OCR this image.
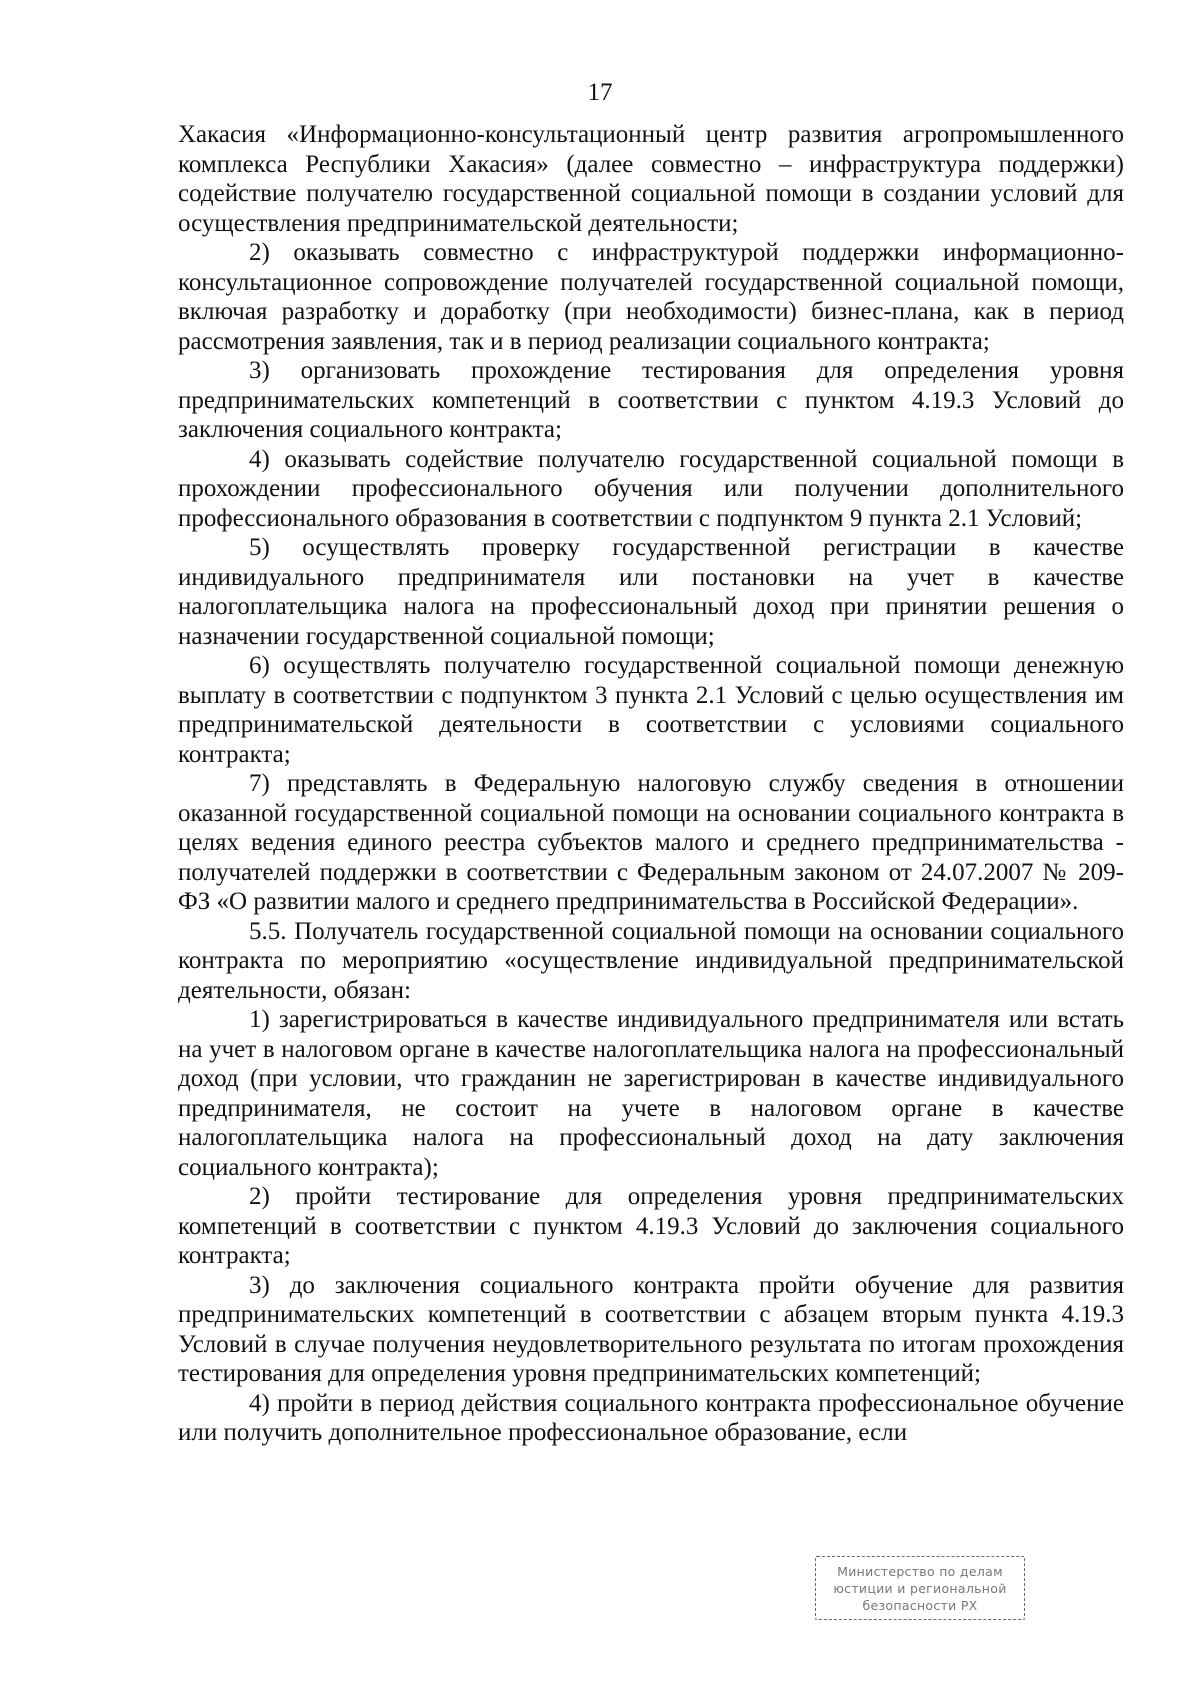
17

Хакасия «Информационно-консультационный центр развития агропромышленного комплекса Республики Хакасия» (далее совместно – инфраструктура поддержки) содействие получателю государственной социальной помощи в создании условий для осуществления предпринимательской деятельности;

2) оказывать совместно с инфраструктурой поддержки информационно-консультационное сопровождение получателей государственной социальной помощи, включая разработку и доработку (при необходимости) бизнес-плана, как в период рассмотрения заявления, так и в период реализации социального контракта;

3) организовать прохождение тестирования для определения уровня предпринимательских компетенций в соответствии с пунктом 4.19.3 Условий до заключения социального контракта;

4) оказывать содействие получателю государственной социальной помощи в прохождении профессионального обучения или получении дополнительного профессионального образования в соответствии с подпунктом 9 пункта 2.1 Условий;

5) осуществлять проверку государственной регистрации в качестве индивидуального предпринимателя или постановки на учет в качестве налогоплательщика налога на профессиональный доход при принятии решения о назначении государственной социальной помощи;

6) осуществлять получателю государственной социальной помощи денежную выплату в соответствии с подпунктом 3 пункта 2.1 Условий с целью осуществления им предпринимательской деятельности в соответствии с условиями социального контракта;

7) представлять в Федеральную налоговую службу сведения в отношении оказанной государственной социальной помощи на основании социального контракта в целях ведения единого реестра субъектов малого и среднего предпринимательства - получателей поддержки в соответствии с Федеральным законом от 24.07.2007 № 209-ФЗ «О развитии малого и среднего предпринимательства в Российской Федерации».

5.5. Получатель государственной социальной помощи на основании социального контракта по мероприятию «осуществление индивидуальной предпринимательской деятельности, обязан:

1) зарегистрироваться в качестве индивидуального предпринимателя или встать на учет в налоговом органе в качестве налогоплательщика налога на профессиональный доход (при условии, что гражданин не зарегистрирован в качестве индивидуального предпринимателя, не состоит на учете в налоговом органе в качестве налогоплательщика налога на профессиональный доход на дату заключения социального контракта);

2) пройти тестирование для определения уровня предпринимательских компетенций в соответствии с пунктом 4.19.3 Условий до заключения социального контракта;

3) до заключения социального контракта пройти обучение для развития предпринимательских компетенций в соответствии с абзацем вторым пункта 4.19.3 Условий в случае получения неудовлетворительного результата по итогам прохождения тестирования для определения уровня предпринимательских компетенций;

4) пройти в период действия социального контракта профессиональное обучение или получить дополнительное профессиональное образование, если

Министерство по делам
юстиции и региональной
безопасности РХ
